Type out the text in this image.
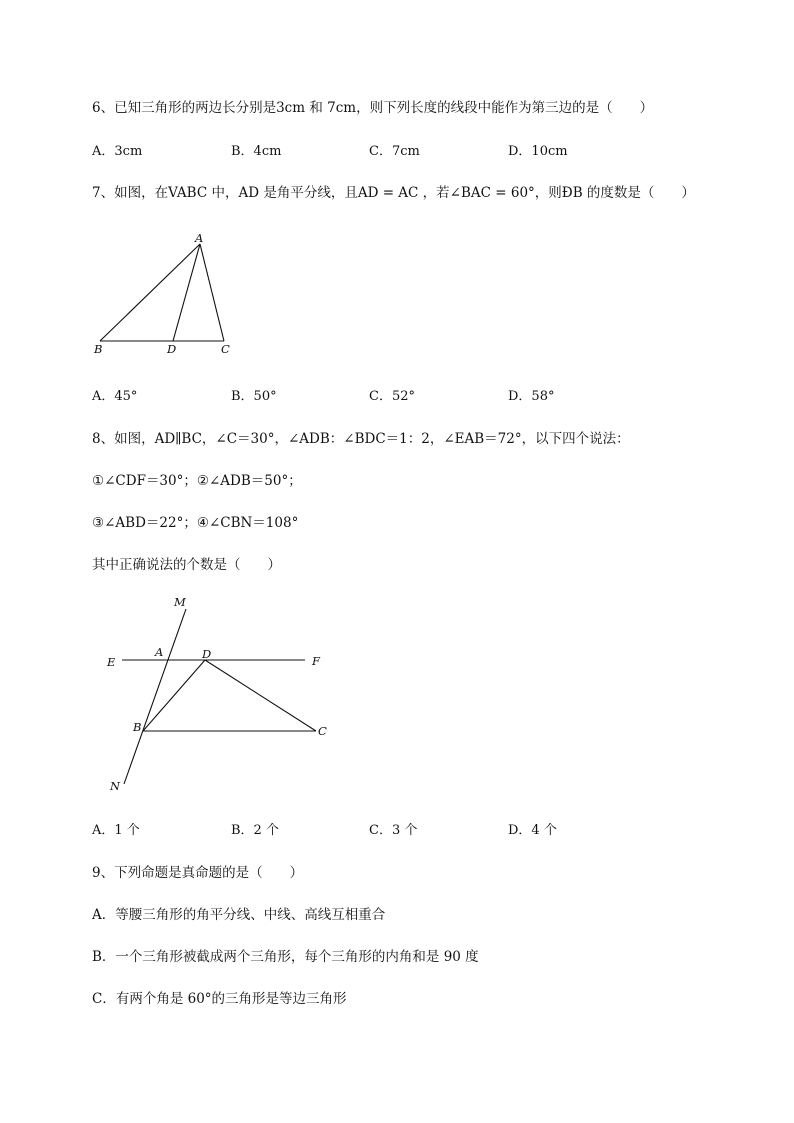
6、已知三角形的两边长分别是3cm 和 7cm，则下列长度的线段中能作为第三边的是（　　）
A．3cm	B．4cm	C．7cm	D．10cm
7、如图，在VABC 中，AD 是角平分线，且AD = AC ，若∠BAC = 60°，则ÐB 的度数是（　　）
A
B	D	C
A．45°	B．50°	C．52°	D．58°
8、如图，AD∥BC，∠C＝30°，∠ADB：∠BDC＝1：2，∠EAB＝72°，以下四个说法：
①∠CDF＝30°；②∠ADB＝50°；
③∠ABD＝22°；④∠CBN＝108°
其中正确说法的个数是（　　）
M
A	D
E	F
B	C
N
A．1 个	B．2 个	C．3 个	D．4 个
9、下列命题是真命题的是（　　）
A．等腰三角形的角平分线、中线、高线互相重合
B．一个三角形被截成两个三角形，每个三角形的内角和是 90 度
C．有两个角是 60°的三角形是等边三角形
